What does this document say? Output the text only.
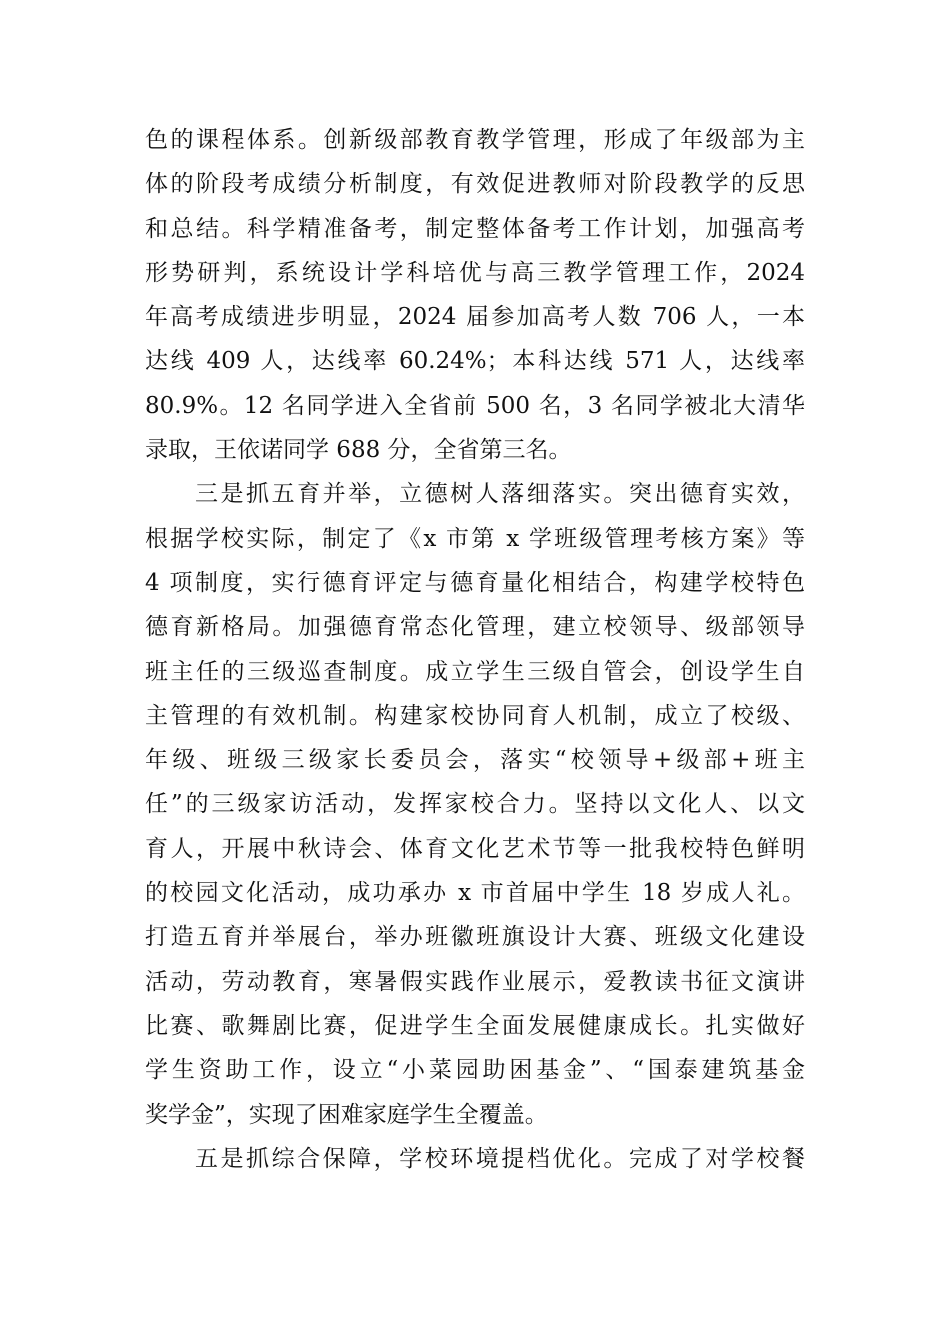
色的课程体系。创新级部教育教学管理，形成了年级部为主
体的阶段考成绩分析制度，有效促进教师对阶段教学的反思
和总结。科学精准备考，制定整体备考工作计划，加强高考
形势研判，系统设计学科培优与高三教学管理工作，2024
年高考成绩进步明显，2024 届参加高考人数 706 人，一本
达线 409 人，达线率 60.24%；本科达线 571 人，达线率
80.9%。12 名同学进入全省前 500 名，3 名同学被北大清华
录取，王依诺同学 688 分，全省第三名。
三是抓五育并举，立德树人落细落实。突出德育实效，
根据学校实际，制定了《x 市第 x 学班级管理考核方案》等
4 项制度，实行德育评定与德育量化相结合，构建学校特色
德育新格局。加强德育常态化管理，建立校领导、级部领导
班主任的三级巡查制度。成立学生三级自管会，创设学生自
主管理的有效机制。构建家校协同育人机制，成立了校级、
年级、班级三级家长委员会，落实“校领导+级部+班主
任”的三级家访活动，发挥家校合力。坚持以文化人、以文
育人，开展中秋诗会、体育文化艺术节等一批我校特色鲜明
的校园文化活动，成功承办 x 市首届中学生 18 岁成人礼。
打造五育并举展台，举办班徽班旗设计大赛、班级文化建设
活动，劳动教育，寒暑假实践作业展示，爱教读书征文演讲
比赛、歌舞剧比赛，促进学生全面发展健康成长。扎实做好
学生资助工作，设立“小菜园助困基金”、“国泰建筑基金
奖学金”，实现了困难家庭学生全覆盖。
五是抓综合保障，学校环境提档优化。完成了对学校餐
